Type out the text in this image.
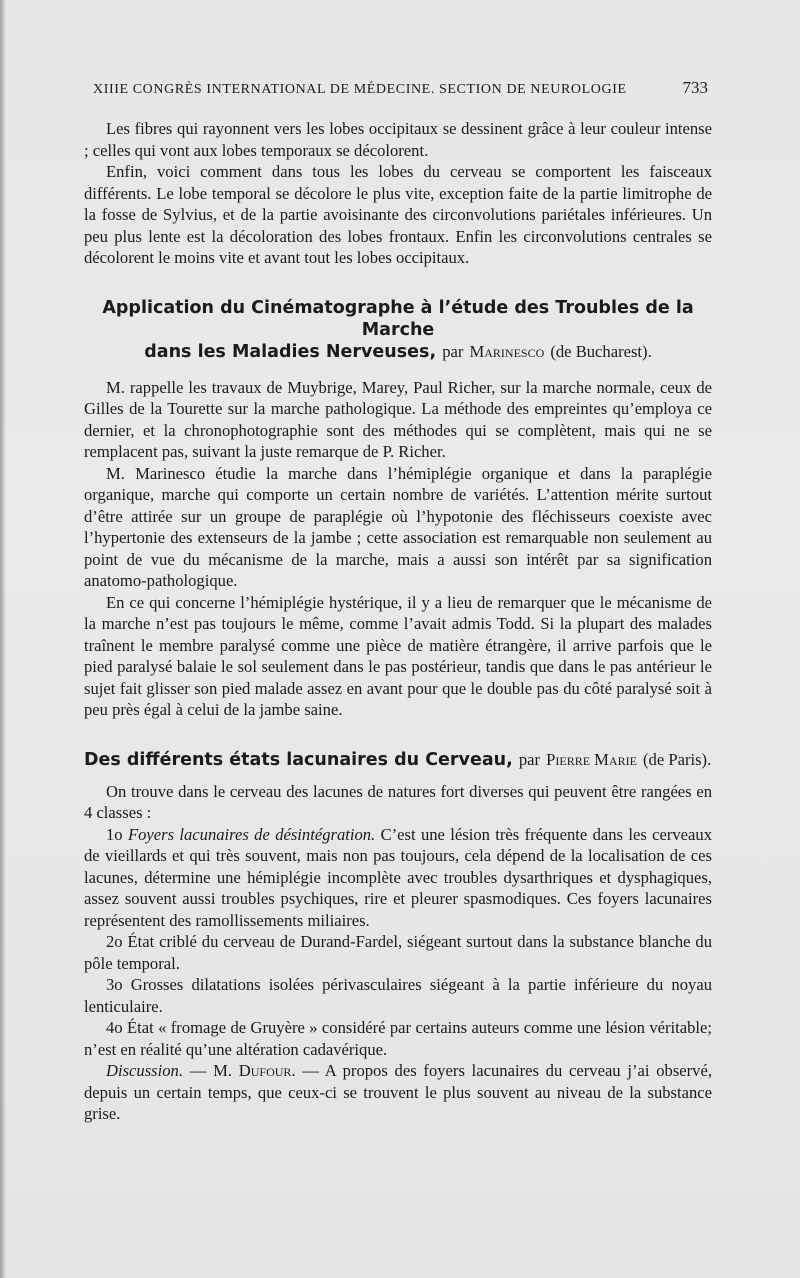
XIIIE CONGRÈS INTERNATIONAL DE MÉDECINE. SECTION DE NEUROLOGIE	733

Les fibres qui rayonnent vers les lobes occipitaux se dessinent grâce à leur couleur intense ; celles qui vont aux lobes temporaux se décolorent.

Enfin, voici comment dans tous les lobes du cerveau se comportent les faisceaux différents. Le lobe temporal se décolore le plus vite, exception faite de la partie limitrophe de la fosse de Sylvius, et de la partie avoisinante des circonvolutions pariétales inférieures. Un peu plus lente est la décoloration des lobes frontaux. Enfin les circonvolutions centrales se décolorent le moins vite et avant tout les lobes occipitaux.

Application du Cinématographe à l’étude des Troubles de la Marche
dans les Maladies Nerveuses, par Marinesco (de Bucharest).

M. rappelle les travaux de Muybrige, Marey, Paul Richer, sur la marche normale, ceux de Gilles de la Tourette sur la marche pathologique. La méthode des empreintes qu’employa ce dernier, et la chronophotographie sont des méthodes qui se complètent, mais qui ne se remplacent pas, suivant la juste remarque de P. Richer.

M. Marinesco étudie la marche dans l’hémiplégie organique et dans la paraplégie organique, marche qui comporte un certain nombre de variétés. L’attention mérite surtout d’être attirée sur un groupe de paraplégie où l’hypotonie des fléchisseurs coexiste avec l’hypertonie des extenseurs de la jambe ; cette association est remarquable non seulement au point de vue du mécanisme de la marche, mais a aussi son intérêt par sa signification anatomo-pathologique.

En ce qui concerne l’hémiplégie hystérique, il y a lieu de remarquer que le mécanisme de la marche n’est pas toujours le même, comme l’avait admis Todd. Si la plupart des malades traînent le membre paralysé comme une pièce de matière étrangère, il arrive parfois que le pied paralysé balaie le sol seulement dans le pas postérieur, tandis que dans le pas antérieur le sujet fait glisser son pied malade assez en avant pour que le double pas du côté paralysé soit à peu près égal à celui de la jambe saine.

Des différents états lacunaires du Cerveau, par Pierre Marie (de Paris).

On trouve dans le cerveau des lacunes de natures fort diverses qui peuvent être rangées en 4 classes :

1o Foyers lacunaires de désintégration. C’est une lésion très fréquente dans les cerveaux de vieillards et qui très souvent, mais non pas toujours, cela dépend de la localisation de ces lacunes, détermine une hémiplégie incomplète avec troubles dysarthriques et dysphagiques, assez souvent aussi troubles psychiques, rire et pleurer spasmodiques. Ces foyers lacunaires représentent des ramollissements miliaires.

2o État criblé du cerveau de Durand-Fardel, siégeant surtout dans la substance blanche du pôle temporal.

3o Grosses dilatations isolées périvasculaires siégeant à la partie inférieure du noyau lenticulaire.

4o État « fromage de Gruyère » considéré par certains auteurs comme une lésion véritable; n’est en réalité qu’une altération cadavérique.

Discussion. — M. Dufour. — A propos des foyers lacunaires du cerveau j’ai observé, depuis un certain temps, que ceux-ci se trouvent le plus souvent au niveau de la substance grise.
